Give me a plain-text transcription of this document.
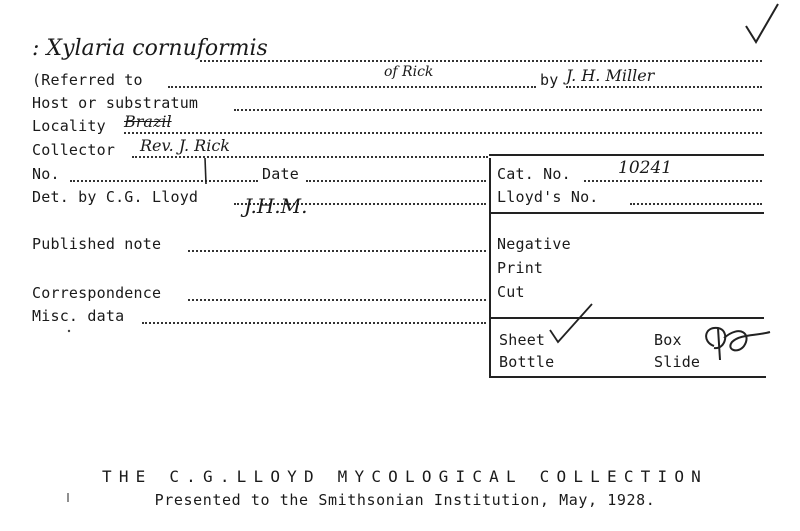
: Xylaria cornuformis
(Referred to	of Rick	by J. H. Miller
Host or substratum
Locality Brazil
Collector Rev. J. Rick
No.	Date
Det. by C.G. Lloyd J.H.M.
Published note
Correspondence
Misc. data
Cat. No.	10241
Lloyd's No.
Negative
Print
Cut
Sheet	Box
Bottle	Slide
THE C.G.LLOYD MYCOLOGICAL COLLECTION
Presented to the Smithsonian Institution, May, 1928.
